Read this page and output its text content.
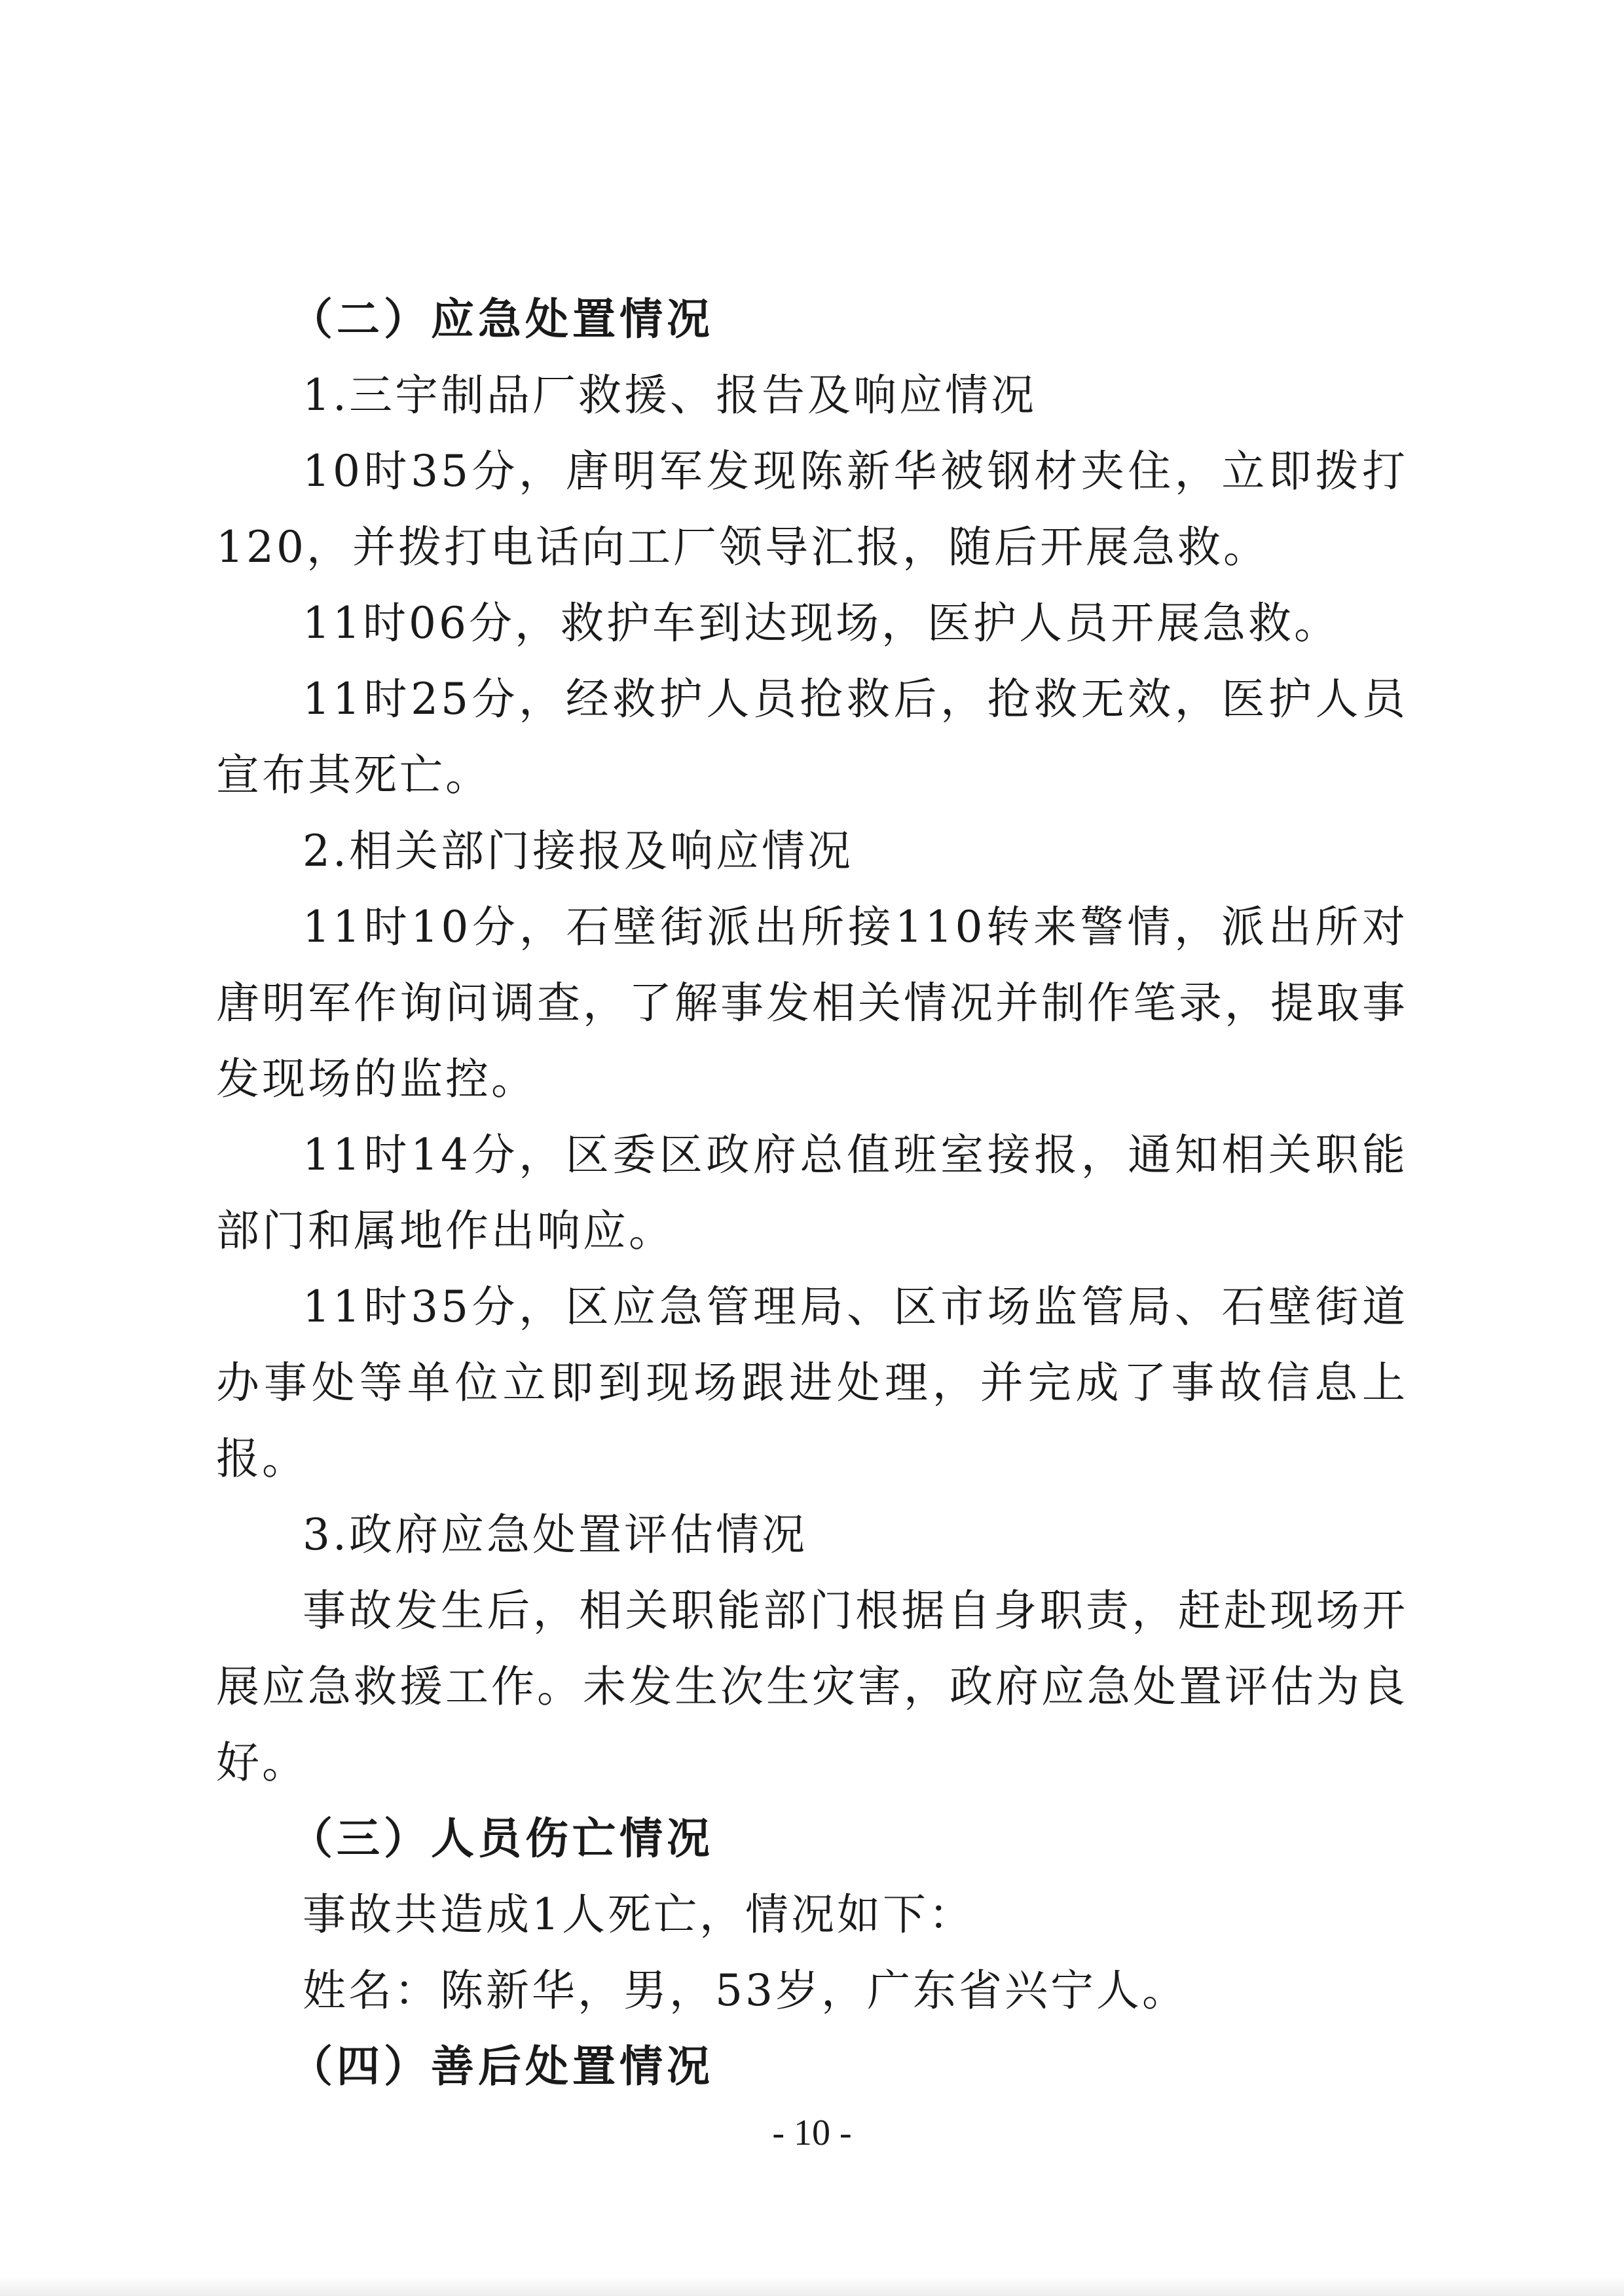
（二）应急处置情况

1.三宇制品厂救援、报告及响应情况

10时35分，唐明军发现陈新华被钢材夹住，立即拨打120，并拨打电话向工厂领导汇报，随后开展急救。

11时06分，救护车到达现场，医护人员开展急救。

11时25分，经救护人员抢救后，抢救无效，医护人员宣布其死亡。

2.相关部门接报及响应情况

11时10分，石壁街派出所接110转来警情，派出所对唐明军作询问调查，了解事发相关情况并制作笔录，提取事发现场的监控。

11时14分，区委区政府总值班室接报，通知相关职能部门和属地作出响应。

11时35分，区应急管理局、区市场监管局、石壁街道办事处等单位立即到现场跟进处理，并完成了事故信息上报。

3.政府应急处置评估情况

事故发生后，相关职能部门根据自身职责，赶赴现场开展应急救援工作。未发生次生灾害，政府应急处置评估为良好。

（三）人员伤亡情况

事故共造成1人死亡，情况如下：

姓名：陈新华，男，53岁，广东省兴宁人。

（四）善后处置情况

- 10 -
